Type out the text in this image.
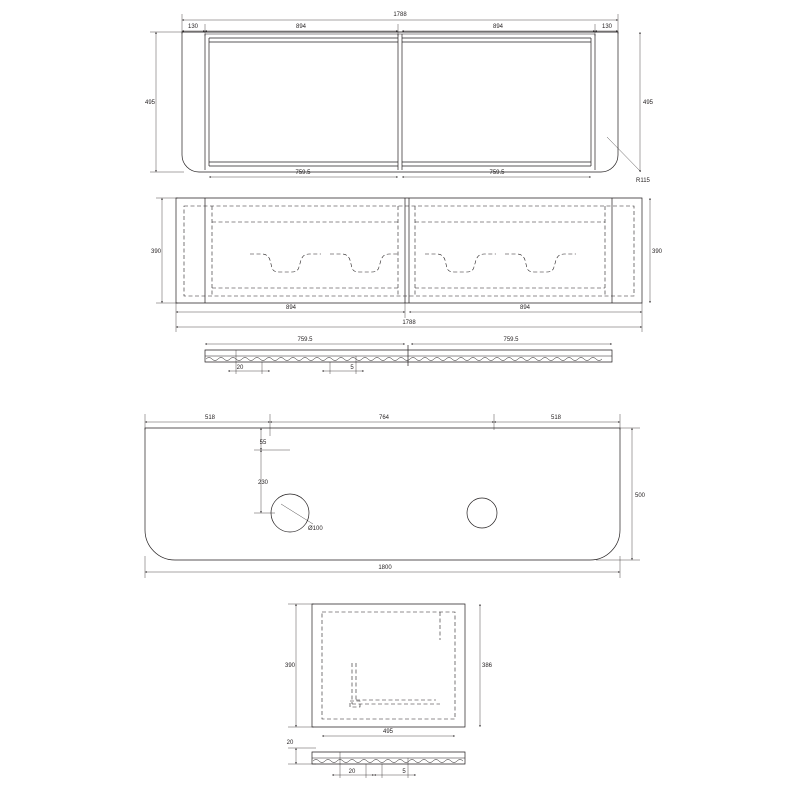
R115
1788
130	894	894	130
759.5	759.5
495	495
390	390
894	894
1788
759.5	759.5
20	5
Ø100
518	764	518
55
230
500
1800
390	386
495
20
20	5
